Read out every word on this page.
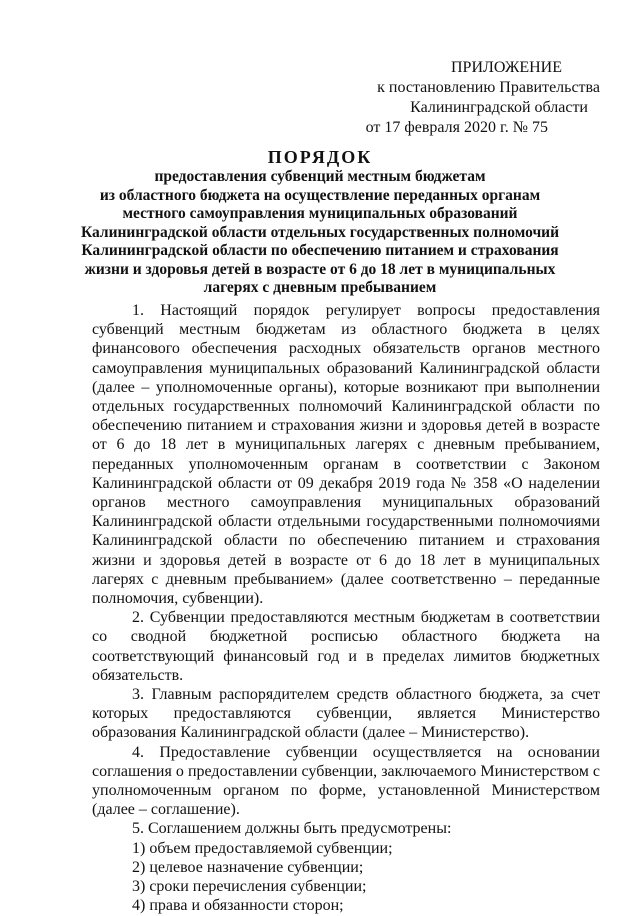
ПРИЛОЖЕНИЕ
к постановлению Правительства
Калининградской области
от 17 февраля 2020 г. № 75
ПОРЯДОК
предоставления субвенций местным бюджетам
из областного бюджета на осуществление переданных органам
местного самоуправления муниципальных образований
Калининградской области отдельных государственных полномочий
Калининградской области по обеспечению питанием и страхования
жизни и здоровья детей в возрасте от 6 до 18 лет в муниципальных
лагерях с дневным пребыванием

1. Настоящий порядок регулирует вопросы предоставления субвенций местным бюджетам из областного бюджета в целях финансового обеспечения расходных обязательств органов местного самоуправления муниципальных образований Калининградской области (далее – уполномоченные органы), которые возникают при выполнении отдельных государственных полномочий Калининградской области по обеспечению питанием и страхования жизни и здоровья детей в возрасте от 6 до 18 лет в муниципальных лагерях с дневным пребыванием, переданных уполномоченным органам в соответствии с Законом Калининградской области от 09 декабря 2019 года № 358 «О наделении органов местного самоуправления муниципальных образований Калининградской области отдельными государственными полномочиями Калининградской области по обеспечению питанием и страхования жизни и здоровья детей в возрасте от 6 до 18 лет в муниципальных лагерях с дневным пребыванием» (далее соответственно – переданные полномочия, субвенции).

2. Субвенции предоставляются местным бюджетам в соответствии со сводной бюджетной росписью областного бюджета на соответствующий финансовый год и в пределах лимитов бюджетных обязательств.

3. Главным распорядителем средств областного бюджета, за счет которых предоставляются субвенции, является Министерство образования Калининградской области (далее – Министерство).

4. Предоставление субвенции осуществляется на основании соглашения о предоставлении субвенции, заключаемого Министерством с уполномоченным органом по форме, установленной Министерством (далее – соглашение).

5. Соглашением должны быть предусмотрены:

1) объем предоставляемой субвенции;

2) целевое назначение субвенции;

3) сроки перечисления субвенции;

4) права и обязанности сторон;
